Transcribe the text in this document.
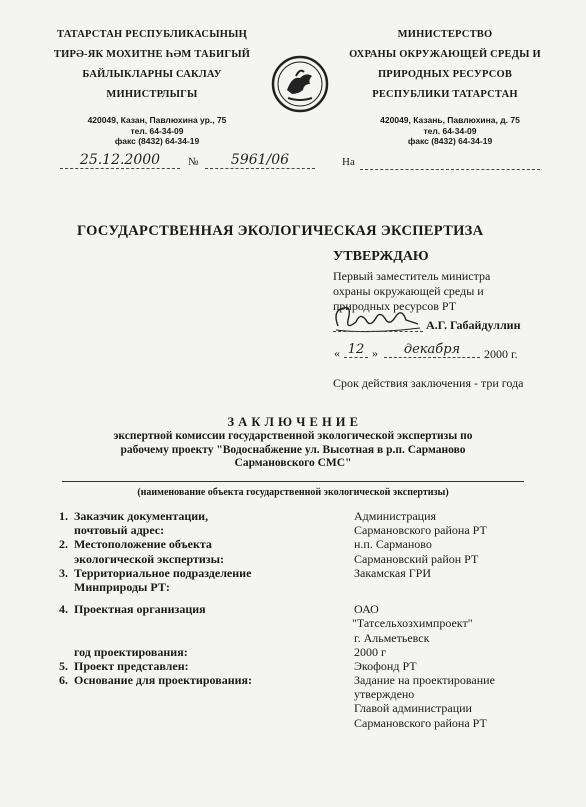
ТАТАРСТАН РЕСПУБЛИКАСЫНЫҢ
ТИРӘ-ЯК МОХИТНЕ ҺӘМ ТАБИГЫЙ
БАЙЛЫКЛАРНЫ САКЛАУ
МИНИСТРЛЫГЫ
420049, Казан, Павлюхина ур., 75
тел. 64-34-09
факс (8432) 64-34-19
МИНИСТЕРСТВО
ОХРАНЫ ОКРУЖАЮЩЕЙ СРЕДЫ И
ПРИРОДНЫХ РЕСУРСОВ
РЕСПУБЛИКИ ТАТАРСТАН
420049, Казань, Павлюхина, д. 75
тел. 64-34-09
факс (8432) 64-34-19
25.12.2000	№	5961/06	На
ГОСУДАРСТВЕННАЯ ЭКОЛОГИЧЕСКАЯ ЭКСПЕРТИЗА
УТВЕРЖДАЮ
Первый заместитель министра
охраны окружающей среды и
природных ресурсов РТ
А.Г. Габайдуллин
« 12 »	декабря	2000 г.
Срок действия заключения - три года
З А К Л Ю Ч Е Н И Е
экспертной комиссии государственной экологической экспертизы по
рабочему проекту "Водоснабжение ул. Высотная в р.п. Сарманово
Сармановского СМС"
(наименование объекта государственной экологической экспертизы)
1.  Заказчик документации,	Администрация
почтовый адрес:	Сармановского района РТ
2.  Местоположение объекта	н.п. Сарманово
экологической экспертизы:	Сармановский район РТ
3.  Территориальное подразделение	Закамская ГРИ
Минприроды РТ:
4.  Проектная организация	ОАО
"Татсельхозхимпроект"
г. Альметьевск
год проектирования:	2000 г
5.  Проект представлен:	Экофонд РТ
6.  Основание для проектирования:	Задание на проектирование
утверждено
Главой администрации
Сармановского района РТ
